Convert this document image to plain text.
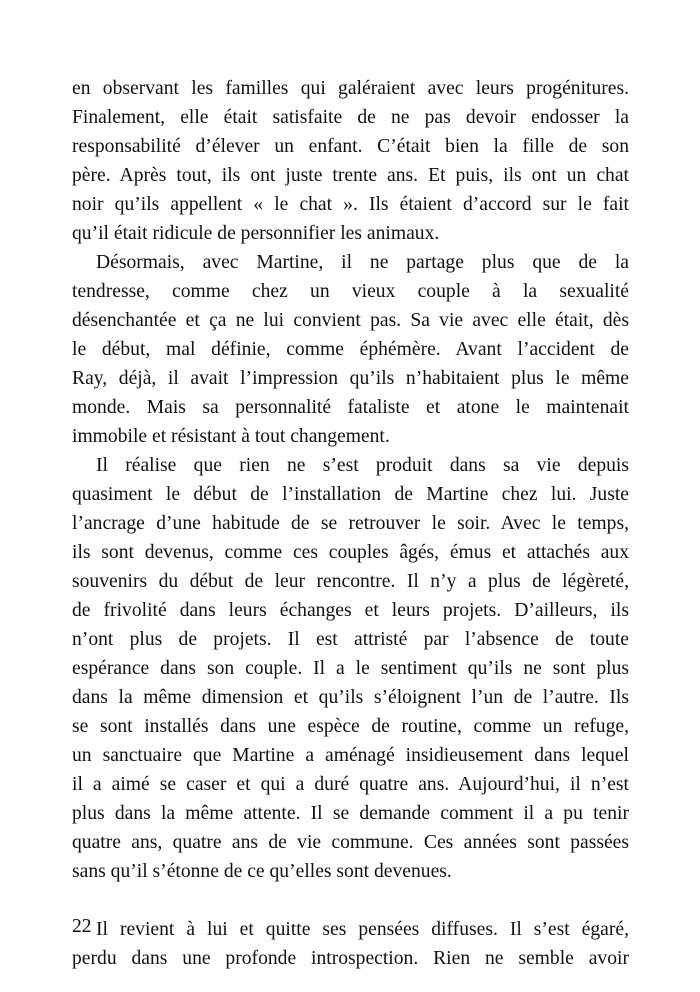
en observant les familles qui galéraient avec leurs progénitures.
Finalement, elle était satisfaite de ne pas devoir endosser la
responsabilité d’élever un enfant. C’était bien la fille de son
père. Après tout, ils ont juste trente ans. Et puis, ils ont un chat
noir qu’ils appellent « le chat ». Ils étaient d’accord sur le fait
qu’il était ridicule de personnifier les animaux.
Désormais, avec Martine, il ne partage plus que de la
tendresse, comme chez un vieux couple à la sexualité
désenchantée et ça ne lui convient pas. Sa vie avec elle était, dès
le début, mal définie, comme éphémère. Avant l’accident de
Ray, déjà, il avait l’impression qu’ils n’habitaient plus le même
monde. Mais sa personnalité fataliste et atone le maintenait
immobile et résistant à tout changement.
Il réalise que rien ne s’est produit dans sa vie depuis
quasiment le début de l’installation de Martine chez lui. Juste
l’ancrage d’une habitude de se retrouver le soir. Avec le temps,
ils sont devenus, comme ces couples âgés, émus et attachés aux
souvenirs du début de leur rencontre. Il n’y a plus de légèreté,
de frivolité dans leurs échanges et leurs projets. D’ailleurs, ils
n’ont plus de projets. Il est attristé par l’absence de toute
espérance dans son couple. Il a le sentiment qu’ils ne sont plus
dans la même dimension et qu’ils s’éloignent l’un de l’autre. Ils
se sont installés dans une espèce de routine, comme un refuge,
un sanctuaire que Martine a aménagé insidieusement dans lequel
il a aimé se caser et qui a duré quatre ans. Aujourd’hui, il n’est
plus dans la même attente. Il se demande comment il a pu tenir
quatre ans, quatre ans de vie commune. Ces années sont passées
sans qu’il s’étonne de ce qu’elles sont devenues.
Il revient à lui et quitte ses pensées diffuses. Il s’est égaré,
perdu dans une profonde introspection. Rien ne semble avoir
22
